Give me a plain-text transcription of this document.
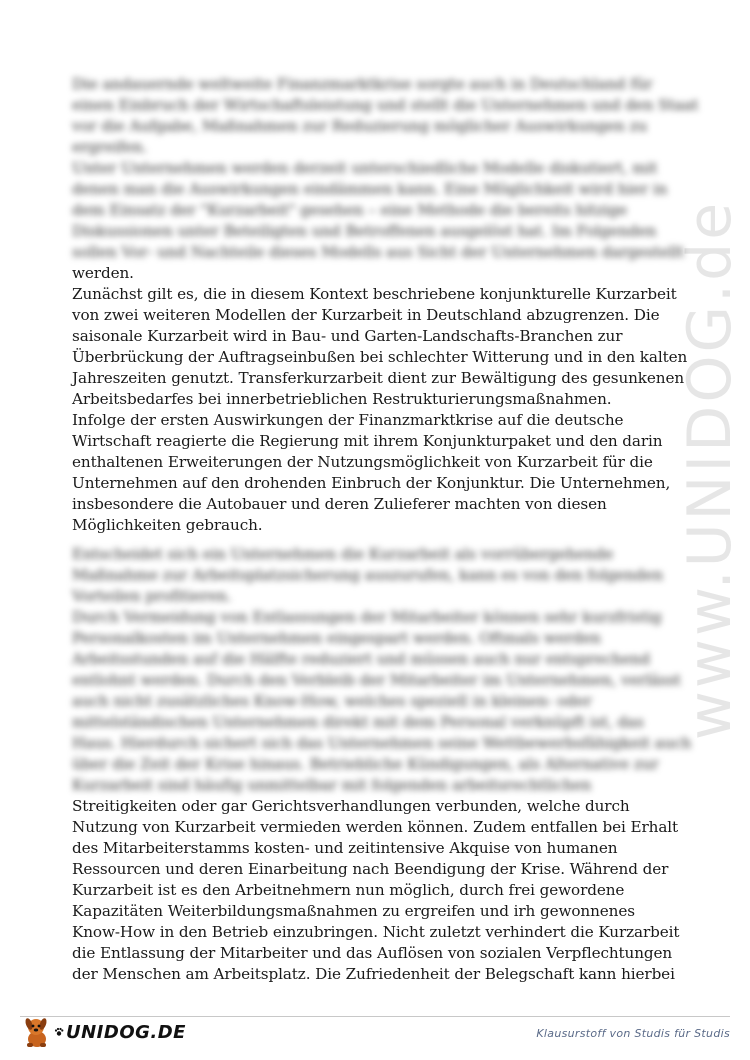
www.UNIDOG.de
Die andauernde weltweite Finanzmarktkrise sorgte auch in Deutschland für
einen Einbruch der Wirtschaftsleistung und stellt die Unternehmen und den Staat
vor die Aufgabe, Maßnahmen zur Reduzierung möglicher Auswirkungen zu
ergreifen.
Unter Unternehmen werden derzeit unterschiedliche Modelle diskutiert, mit
denen man die Auswirkungen eindämmen kann. Eine Möglichkeit wird hier in
dem Einsatz der "Kurzarbeit" gesehen – eine Methode die bereits hitzige
Diskussionen unter Beteiligten und Betroffenen ausgelöst hat. Im Folgenden
sollen Vor- und Nachteile dieses Modells aus Sicht der Unternehmen dargestellt
werden.
Zunächst gilt es, die in diesem Kontext beschriebene konjunkturelle Kurzarbeit
von zwei weiteren Modellen der Kurzarbeit in Deutschland abzugrenzen. Die
saisonale Kurzarbeit wird in Bau- und Garten-Landschafts-Branchen zur
Überbrückung der Auftragseinbußen bei schlechter Witterung und in den kalten
Jahreszeiten genutzt. Transferkurzarbeit dient zur Bewältigung des gesunkenen
Arbeitsbedarfes bei innerbetrieblichen Restrukturierungsmaßnahmen.
Infolge der ersten Auswirkungen der Finanzmarktkrise auf die deutsche
Wirtschaft reagierte die Regierung mit ihrem Konjunkturpaket und den darin
enthaltenen Erweiterungen der Nutzungsmöglichkeit von Kurzarbeit für die
Unternehmen auf den drohenden Einbruch der Konjunktur. Die Unternehmen,
insbesondere die Autobauer und deren Zulieferer machten von diesen
Möglichkeiten gebrauch.
Entscheidet sich ein Unternehmen die Kurzarbeit als vorrübergehende
Maßnahme zur Arbeitsplatzsicherung auszurufen, kann es von den folgenden
Vorteilen profitieren.
Durch Vermeidung von Entlassungen der Mitarbeiter können sehr kurzfristig
Personalkosten im Unternehmen eingespart werden. Oftmals werden
Arbeitsstunden auf die Hälfte reduziert und müssen auch nur entsprechend
entlohnt werden. Durch den Verbleib der Mitarbeiter im Unternehmen, verlässt
auch nicht zusätzliches Know-How, welches speziell in kleinen- oder
mittelständischen Unternehmen direkt mit dem Personal verknüpft ist, das
Haus. Hierdurch sichert sich das Unternehmen seine Wettbewerbsfähigkeit auch
über die Zeit der Krise hinaus. Betriebliche Kündigungen, als Alternative zur
Kurzarbeit sind häufig unmittelbar mit folgenden arbeitsrechtlichen
Streitigkeiten oder gar Gerichtsverhandlungen verbunden, welche durch
Nutzung von Kurzarbeit vermieden werden können. Zudem entfallen bei Erhalt
des Mitarbeiterstamms kosten- und zeitintensive Akquise von humanen
Ressourcen und deren Einarbeitung nach Beendigung der Krise. Während der
Kurzarbeit ist es den Arbeitnehmern nun möglich, durch frei gewordene
Kapazitäten Weiterbildungsmaßnahmen zu ergreifen und irh gewonnenes
Know-How in den Betrieb einzubringen. Nicht zuletzt verhindert die Kurzarbeit
die Entlassung der Mitarbeiter und das Auflösen von sozialen Verpflechtungen
der Menschen am Arbeitsplatz. Die Zufriedenheit der Belegschaft kann hierbei
UNIDOG.DE	Klausurstoff von Studis für Studis
